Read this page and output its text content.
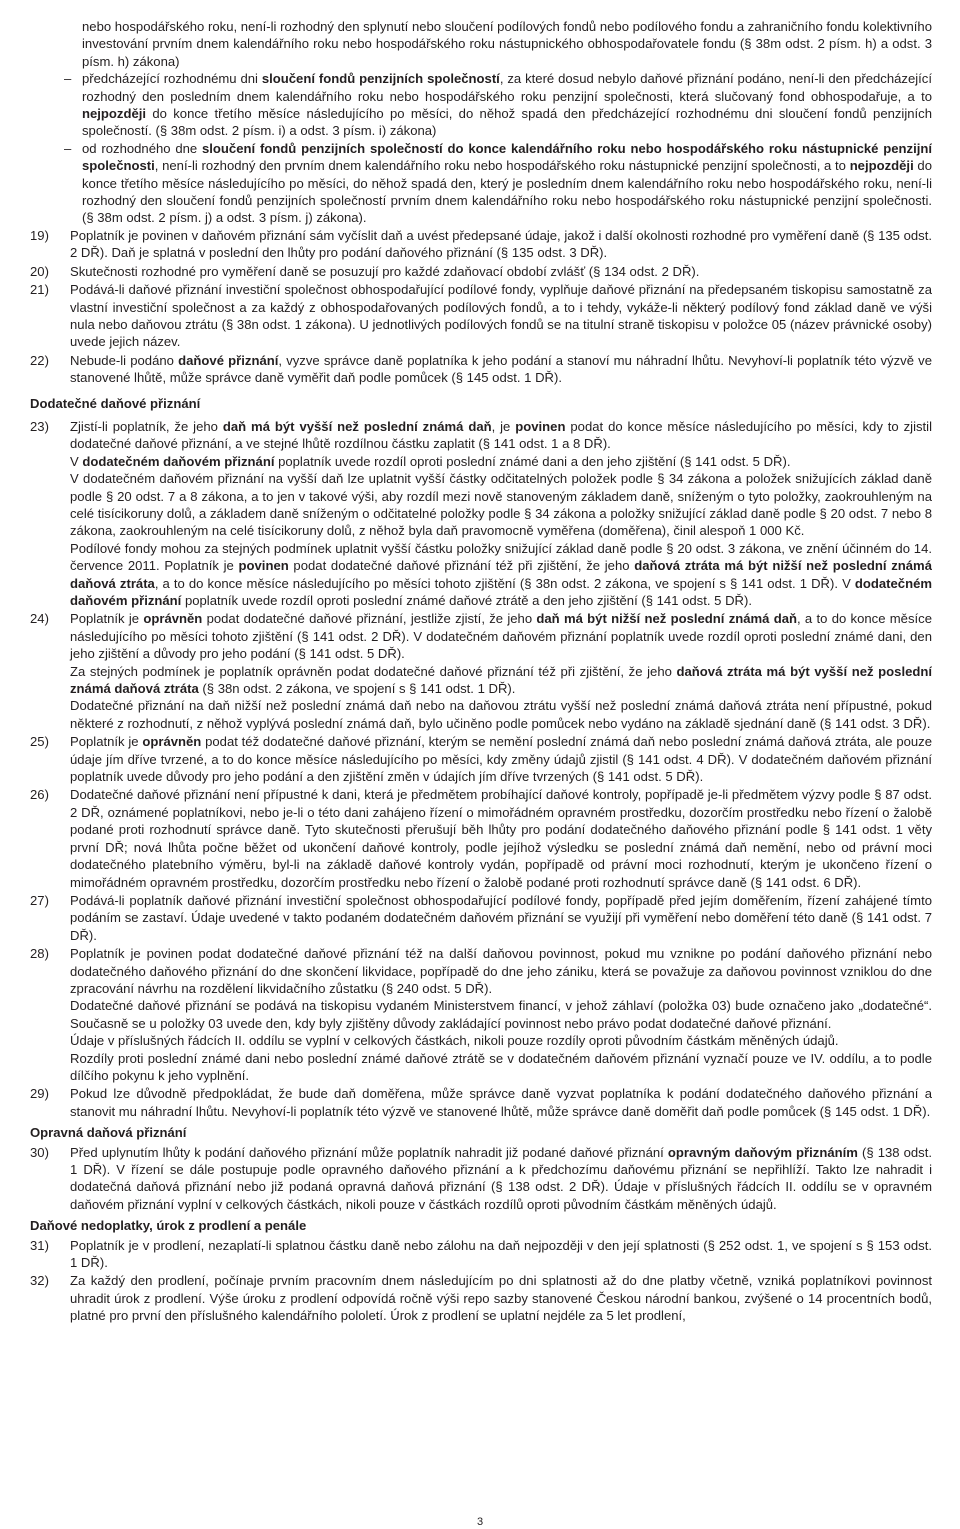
nebo hospodářského roku, není-li rozhodný den splynutí nebo sloučení podílových fondů nebo podílového fondu a zahraničního fondu kolektivního investování prvním dnem kalendářního roku nebo hospodářského roku nástupnického obhospodařovatele fondu (§ 38m odst. 2 písm. h) a odst. 3 písm. h) zákona)

– předcházející rozhodnému dni sloučení fondů penzijních společností, za které dosud nebylo daňové přiznání podáno, není-li den předcházející rozhodný den posledním dnem kalendářního roku nebo hospodářského roku penzijní společnosti, která slučovaný fond obhospodařuje, a to nejpozději do konce třetího měsíce následujícího po měsíci, do něhož spadá den předcházející rozhodnému dni sloučení fondů penzijních společností. (§ 38m odst. 2 písm. i) a odst. 3 písm. i) zákona)

– od rozhodného dne sloučení fondů penzijních společností do konce kalendářního roku nebo hospodářského roku nástupnické penzijní společnosti, není-li rozhodný den prvním dnem kalendářního roku nebo hospodářského roku nástupnické penzijní společnosti, a to nejpozději do konce třetího měsíce následujícího po měsíci, do něhož spadá den, který je posledním dnem kalendářního roku nebo hospodářského roku, není-li rozhodný den sloučení fondů penzijních společností prvním dnem kalendářního roku nebo hospodářského roku nástupnické penzijní společnosti. (§ 38m odst. 2 písm. j) a odst. 3 písm. j) zákona).

19) Poplatník je povinen v daňovém přiznání sám vyčíslit daň a uvést předepsané údaje, jakož i další okolnosti rozhodné pro vyměření daně (§ 135 odst. 2 DŘ). Daň je splatná v poslední den lhůty pro podání daňového přiznání (§ 135 odst. 3 DŘ).

20) Skutečnosti rozhodné pro vyměření daně se posuzují pro každé zdaňovací období zvlášť (§ 134 odst. 2 DŘ).

21) Podává-li daňové přiznání investiční společnost obhospodařující podílové fondy, vyplňuje daňové přiznání na předepsaném tiskopisu samostatně za vlastní investiční společnost a za každý z obhospodařovaných podílových fondů, a to i tehdy, vykáže-li některý podílový fond základ daně ve výši nula nebo daňovou ztrátu (§ 38n odst. 1 zákona). U jednotlivých podílových fondů se na titulní straně tiskopisu v položce 05 (název právnické osoby) uvede jejich název.

22) Nebude-li podáno daňové přiznání, vyzve správce daně poplatníka k jeho podání a stanoví mu náhradní lhůtu. Nevyhoví-li poplatník této výzvě ve stanovené lhůtě, může správce daně vyměřit daň podle pomůcek (§ 145 odst. 1 DŘ).

Dodatečné daňové přiznání
23) Zjistí-li poplatník, že jeho daň má být vyšší než poslední známá daň, je povinen podat do konce měsíce následujícího po měsíci, kdy to zjistil dodatečné daňové přiznání, a ve stejné lhůtě rozdílnou částku zaplatit (§ 141 odst. 1 a 8 DŘ).

V dodatečném daňovém přiznání poplatník uvede rozdíl oproti poslední známé dani a den jeho zjištění (§ 141 odst. 5 DŘ).

V dodatečném daňovém přiznání na vyšší daň lze uplatnit vyšší částky odčitatelných položek podle § 34 zákona a položek snižujících základ daně podle § 20 odst. 7 a 8 zákona, a to jen v takové výši, aby rozdíl mezi nově stanoveným základem daně, sníženým o tyto položky, zaokrouhleným na celé tisícikoruny dolů, a základem daně sníženým o odčitatelné položky podle § 34 zákona a položky snižující základ daně podle § 20 odst. 7 nebo 8 zákona, zaokrouhleným na celé tisícikoruny dolů, z něhož byla daň pravomocně vyměřena (doměřena), činil alespoň 1 000 Kč.

Podílové fondy mohou za stejných podmínek uplatnit vyšší částku položky snižující základ daně podle § 20 odst. 3 zákona, ve znění účinném do 14. července 2011. Poplatník je povinen podat dodatečné daňové přiznání též při zjištění, že jeho daňová ztráta má být nižší než poslední známá daňová ztráta, a to do konce měsíce následujícího po měsíci tohoto zjištění (§ 38n odst. 2 zákona, ve spojení s § 141 odst. 1 DŘ). V dodatečném daňovém přiznání poplatník uvede rozdíl oproti poslední známé daňové ztrátě a den jeho zjištění (§ 141 odst. 5 DŘ).

24) Poplatník je oprávněn podat dodatečné daňové přiznání, jestliže zjistí, že jeho daň má být nižší než poslední známá daň, a to do konce měsíce následujícího po měsíci tohoto zjištění (§ 141 odst. 2 DŘ). V dodatečném daňovém přiznání poplatník uvede rozdíl oproti poslední známé dani, den jeho zjištění a důvody pro jeho podání (§ 141 odst. 5 DŘ).

Za stejných podmínek je poplatník oprávněn podat dodatečné daňové přiznání též při zjištění, že jeho daňová ztráta má být vyšší než poslední známá daňová ztráta (§ 38n odst. 2 zákona, ve spojení s § 141 odst. 1 DŘ).

Dodatečné přiznání na daň nižší než poslední známá daň nebo na daňovou ztrátu vyšší než poslední známá daňová ztráta není přípustné, pokud některé z rozhodnutí, z něhož vyplývá poslední známá daň, bylo učiněno podle pomůcek nebo vydáno na základě sjednání daně (§ 141 odst. 3 DŘ).

25) Poplatník je oprávněn podat též dodatečné daňové přiznání, kterým se nemění poslední známá daň nebo poslední známá daňová ztráta, ale pouze údaje jím dříve tvrzené, a to do konce měsíce následujícího po měsíci, kdy změny údajů zjistil (§ 141 odst. 4 DŘ). V dodatečném daňovém přiznání poplatník uvede důvody pro jeho podání a den zjištění změn v údajích jím dříve tvrzených (§ 141 odst. 5 DŘ).

26) Dodatečné daňové přiznání není přípustné k dani, která je předmětem probíhající daňové kontroly, popřípadě je-li předmětem výzvy podle § 87 odst. 2 DŘ, oznámené poplatníkovi, nebo je-li o této dani zahájeno řízení o mimořádném opravném prostředku, dozorčím prostředku nebo řízení o žalobě podané proti rozhodnutí správce daně. Tyto skutečnosti přerušují běh lhůty pro podání dodatečného daňového přiznání podle § 141 odst. 1 věty první DŘ; nová lhůta počne běžet od ukončení daňové kontroly, podle jejíhož výsledku se poslední známá daň nemění, nebo od právní moci dodatečného platebního výměru, byl-li na základě daňové kontroly vydán, popřípadě od právní moci rozhodnutí, kterým je ukončeno řízení o mimořádném opravném prostředku, dozorčím prostředku nebo řízení o žalobě podané proti rozhodnutí správce daně (§ 141 odst. 6 DŘ).

27) Podává-li poplatník daňové přiznání investiční společnost obhospodařující podílové fondy, popřípadě před jejím doměřením, řízení zahájené tímto podáním se zastaví. Údaje uvedené v takto podaném dodatečném daňovém přiznání se využijí při vyměření nebo doměření této daně (§ 141 odst. 7 DŘ).

28) Poplatník je povinen podat dodatečné daňové přiznání též na další daňovou povinnost, pokud mu vznikne po podání daňového přiznání nebo dodatečného daňového přiznání do dne skončení likvidace, popřípadě do dne jeho zániku, která se považuje za daňovou povinnost vzniklou do dne zpracování návrhu na rozdělení likvidačního zůstatku (§ 240 odst. 5 DŘ).

Dodatečné daňové přiznání se podává na tiskopisu vydaném Ministerstvem financí, v jehož záhlaví (položka 03) bude označeno jako „dodatečné“. Současně se u položky 03 uvede den, kdy byly zjištěny důvody zakládající povinnost nebo právo podat dodatečné daňové přiznání.

Údaje v příslušných řádcích II. oddílu se vyplní v celkových částkách, nikoli pouze rozdíly oproti původním částkám měněných údajů.

Rozdíly proti poslední známé dani nebo poslední známé daňové ztrátě se v dodatečném daňovém přiznání vyznačí pouze ve IV. oddílu, a to podle dílčího pokynu k jeho vyplnění.

29) Pokud lze důvodně předpokládat, že bude daň doměřena, může správce daně vyzvat poplatníka k podání dodatečného daňového přiznání a stanovit mu náhradní lhůtu. Nevyhoví-li poplatník této výzvě ve stanovené lhůtě, může správce daně doměřit daň podle pomůcek (§ 145 odst. 1 DŘ).

Opravná daňová přiznání
30) Před uplynutím lhůty k podání daňového přiznání může poplatník nahradit již podané daňové přiznání opravným daňovým přiznáním (§ 138 odst. 1 DŘ). V řízení se dále postupuje podle opravného daňového přiznání a k předchozímu daňovému přiznání se nepřihlíží. Takto lze nahradit i dodatečná daňová přiznání nebo již podaná opravná daňová přiznání (§ 138 odst. 2 DŘ). Údaje v příslušných řádcích II. oddílu se v opravném daňovém přiznání vyplní v celkových částkách, nikoli pouze v částkách rozdílů oproti původním částkám měněných údajů.

Daňové nedoplatky, úrok z prodlení a penále
31) Poplatník je v prodlení, nezaplatí-li splatnou částku daně nebo zálohu na daň nejpozději v den její splatnosti (§ 252 odst. 1, ve spojení s § 153 odst. 1 DŘ).

32) Za každý den prodlení, počínaje prvním pracovním dnem následujícím po dni splatnosti až do dne platby včetně, vzniká poplatníkovi povinnost uhradit úrok z prodlení. Výše úroku z prodlení odpovídá ročně výši repo sazby stanovené Českou národní bankou, zvýšené o 14 procentních bodů, platné pro první den příslušného kalendářního pololetí. Úrok z prodlení se uplatní nejdéle za 5 let prodlení,

3
